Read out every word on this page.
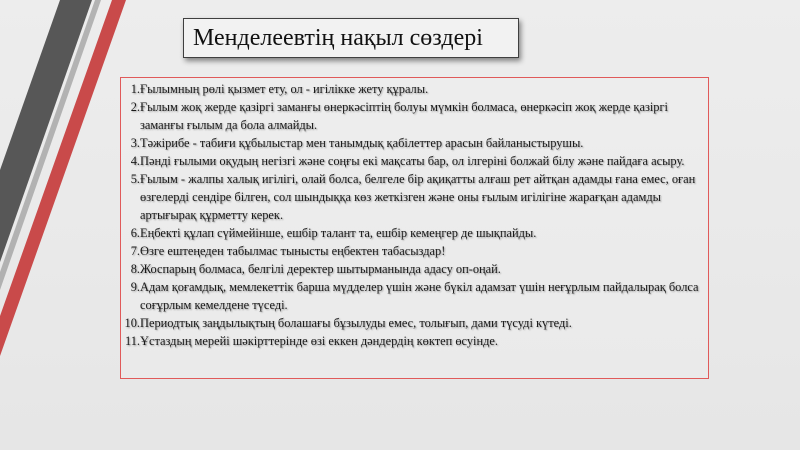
Менделеевтің нақыл сөздері
1. Ғылымның рөлі қызмет ету, ол - игілікке жету құралы.
2. Ғылым жоқ жерде қазіргі заманғы өнеркәсіптің болуы мүмкін болмаса, өнеркәсіп жоқ жерде қазіргі заманғы ғылым да бола алмайды.
3. Тәжірибе - табиғи құбылыстар мен танымдық қабілеттер арасын байланыстырушы.
4. Пәнді ғылыми оқудың негізгі және соңғы екі мақсаты бар, ол ілгеріні болжай білу және пайдаға асыру.
5. Ғылым - жалпы халық игілігі, олай болса, белгеле бір ақиқатты алғаш рет айтқан адамды ғана емес, оған өзгелерді сендіре білген, сол шындыққа көз жеткізген және оны ғылым игілігіне жарағқан адамды артығырақ құрметту керек.
6. Еңбекті құлап сүймейінше, ешбір талант та, ешбір кемеңгер де шықпайды.
7. Өзге ештеңеден табылмас тынысты еңбектен табасыздар!
8. Жоспарың болмаса, белгілі деректер шытырманында адасу оп-оңай.
9. Адам қоғамдық, мемлекеттік барша мүдделер үшін және бүкіл адамзат үшін неғұрлым пайдалырақ болса соғұрлым кемелдене түседі.
10. Периодтық заңдылықтың болашағы бұзылуды емес, толығып, дами түсуді күтеді.
11. Ұстаздың мерейі шәкірттерінде өзі еккен дәндердің көктеп өсуінде.
